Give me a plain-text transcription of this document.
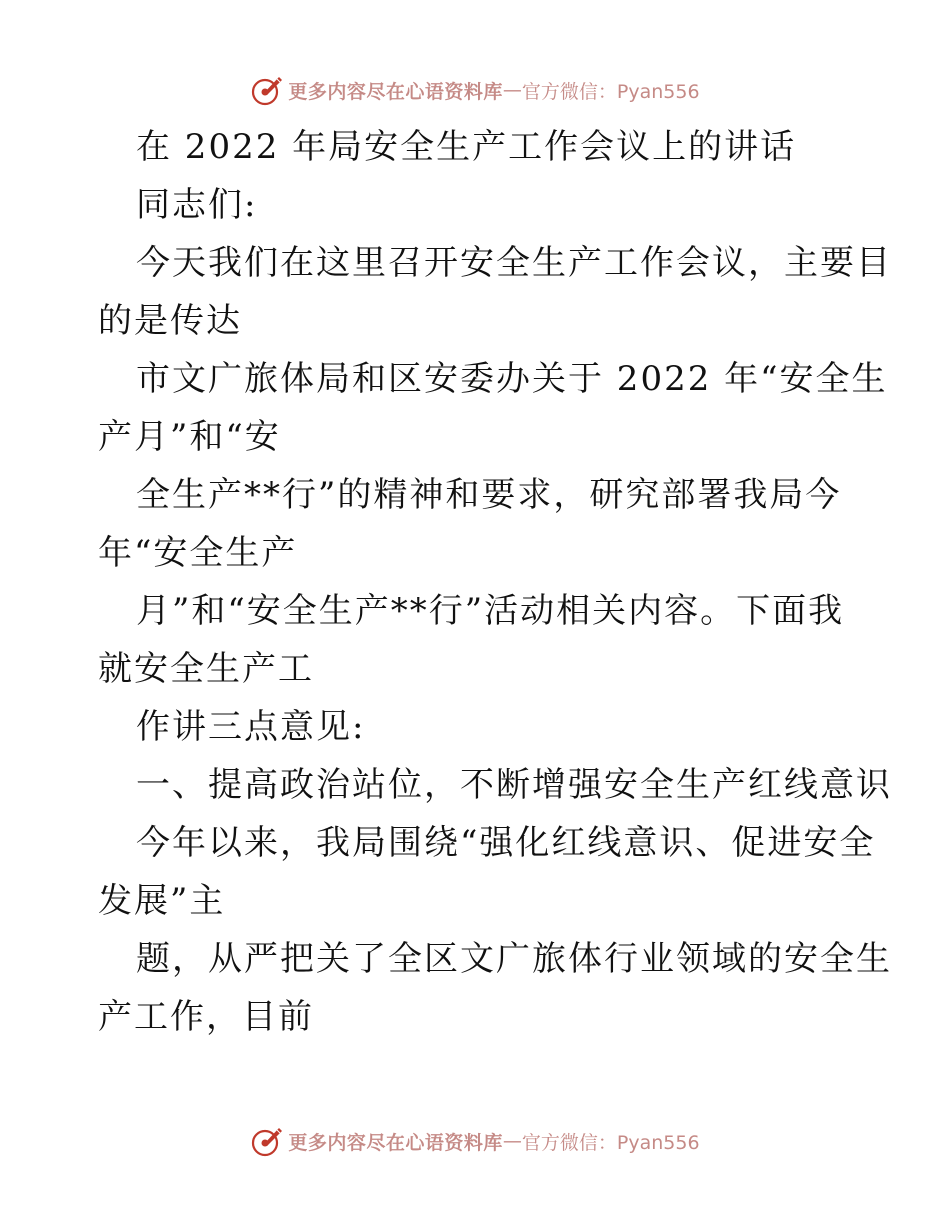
更多内容尽在心语资料库 — 官方微信：Pyan556
在 2022 年局安全生产工作会议上的讲话
同志们:
今天我们在这里召开安全生产工作会议，主要目
的是传达
市文广旅体局和区安委办关于 2022 年“安全生
产月”和“安
全生产**行”的精神和要求，研究部署我局今
年“安全生产
月”和“安全生产**行”活动相关内容。下面我
就安全生产工
作讲三点意见:
一、提高政治站位，不断增强安全生产红线意识
今年以来，我局围绕“强化红线意识、促进安全
发展”主
题，从严把关了全区文广旅体行业领域的安全生
产工作，目前
更多内容尽在心语资料库 — 官方微信：Pyan556
